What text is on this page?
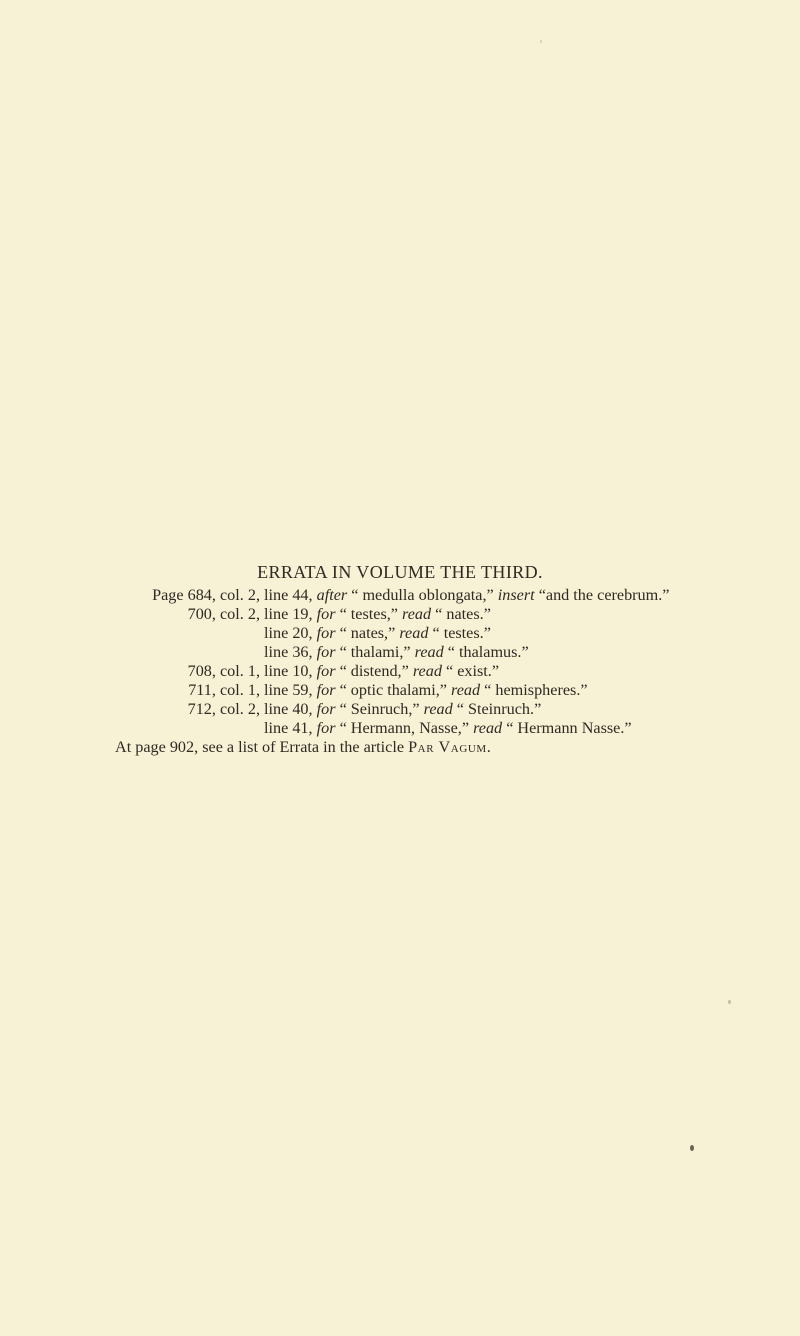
ERRATA IN VOLUME THE THIRD.
Page 684, col. 2, line 44, after “ medulla oblongata,” insert “and the cerebrum.”
700, col. 2, line 19, for “ testes,” read “ nates.”
line 20, for “ nates,” read “ testes.”
line 36, for “ thalami,” read “ thalamus.”
708, col. 1, line 10, for “ distend,” read “ exist.”
711, col. 1, line 59, for “ optic thalami,” read “ hemispheres.”
712, col. 2, line 40, for “ Seinruch,” read “ Steinruch.”
line 41, for “ Hermann, Nasse,” read “ Hermann Nasse.”
At page 902, see a list of Errata in the article Par Vagum.
